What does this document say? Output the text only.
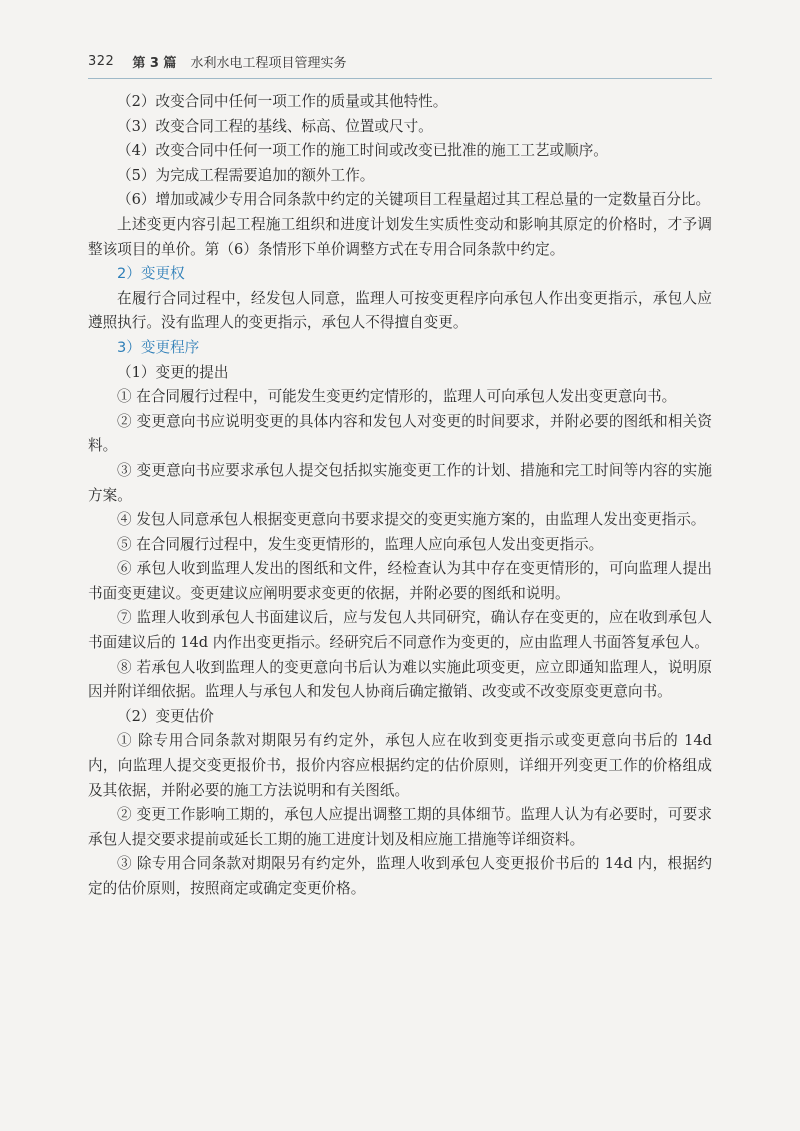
322 第 3 篇 水利水电工程项目管理实务

（2）改变合同中任何一项工作的质量或其他特性。

（3）改变合同工程的基线、标高、位置或尺寸。

（4）改变合同中任何一项工作的施工时间或改变已批准的施工工艺或顺序。

（5）为完成工程需要追加的额外工作。

（6）增加或减少专用合同条款中约定的关键项目工程量超过其工程总量的一定数量百分比。

上述变更内容引起工程施工组织和进度计划发生实质性变动和影响其原定的价格时，才予调整该项目的单价。第（6）条情形下单价调整方式在专用合同条款中约定。

2）变更权

在履行合同过程中，经发包人同意，监理人可按变更程序向承包人作出变更指示，承包人应遵照执行。没有监理人的变更指示，承包人不得擅自变更。

3）变更程序

（1）变更的提出

① 在合同履行过程中，可能发生变更约定情形的，监理人可向承包人发出变更意向书。

② 变更意向书应说明变更的具体内容和发包人对变更的时间要求，并附必要的图纸和相关资料。

③ 变更意向书应要求承包人提交包括拟实施变更工作的计划、措施和完工时间等内容的实施方案。

④ 发包人同意承包人根据变更意向书要求提交的变更实施方案的，由监理人发出变更指示。

⑤ 在合同履行过程中，发生变更情形的，监理人应向承包人发出变更指示。

⑥ 承包人收到监理人发出的图纸和文件，经检查认为其中存在变更情形的，可向监理人提出书面变更建议。变更建议应阐明要求变更的依据，并附必要的图纸和说明。

⑦ 监理人收到承包人书面建议后，应与发包人共同研究，确认存在变更的，应在收到承包人书面建议后的 14d 内作出变更指示。经研究后不同意作为变更的，应由监理人书面答复承包人。

⑧ 若承包人收到监理人的变更意向书后认为难以实施此项变更，应立即通知监理人，说明原因并附详细依据。监理人与承包人和发包人协商后确定撤销、改变或不改变原变更意向书。

（2）变更估价

① 除专用合同条款对期限另有约定外，承包人应在收到变更指示或变更意向书后的 14d 内，向监理人提交变更报价书，报价内容应根据约定的估价原则，详细开列变更工作的价格组成及其依据，并附必要的施工方法说明和有关图纸。

② 变更工作影响工期的，承包人应提出调整工期的具体细节。监理人认为有必要时，可要求承包人提交要求提前或延长工期的施工进度计划及相应施工措施等详细资料。

③ 除专用合同条款对期限另有约定外，监理人收到承包人变更报价书后的 14d 内，根据约定的估价原则，按照商定或确定变更价格。
